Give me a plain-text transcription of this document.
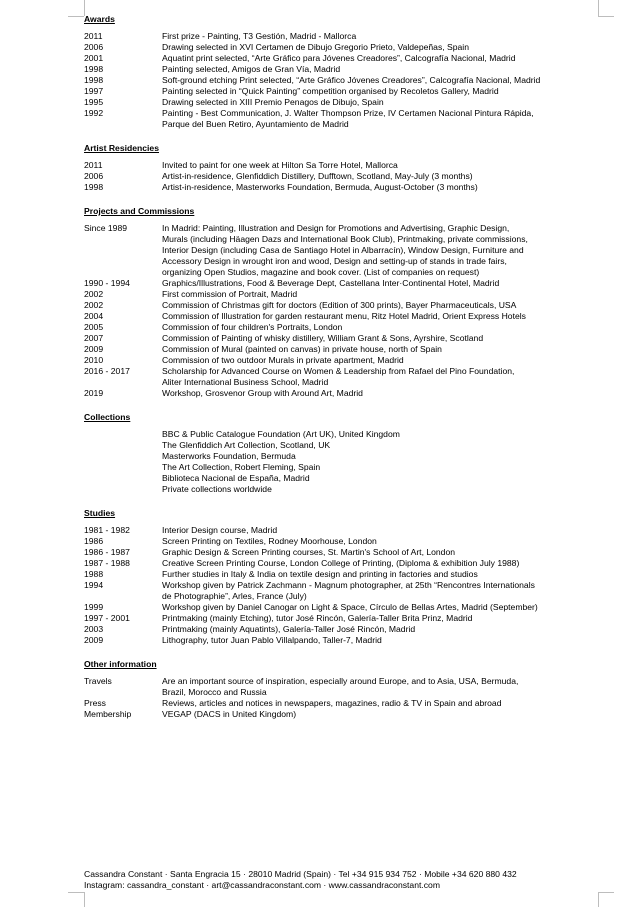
Awards
2011	First prize - Painting, T3 Gestión, Madrid - Mallorca
2006	Drawing selected in XVI Certamen de Dibujo Gregorio Prieto, Valdepeñas, Spain
2001	Aquatint print selected, “Arte Gráfico para Jóvenes Creadores”, Calcografía Nacional, Madrid
1998	Painting selected, Amigos de Gran Vía, Madrid
1998	Soft-ground etching Print selected, “Arte Gráfico Jóvenes Creadores”, Calcografía Nacional, Madrid
1997	Painting selected in “Quick Painting” competition organised by Recoletos Gallery, Madrid
1995	Drawing selected in XIII Premio Penagos de Dibujo, Spain
1992	Painting - Best Communication, J. Walter Thompson Prize, IV Certamen Nacional Pintura Rápida,
Parque del Buen Retiro, Ayuntamiento de Madrid
Artist Residencies
2011	Invited to paint for one week at Hilton Sa Torre Hotel, Mallorca
2006	Artist-in-residence, Glenfiddich Distillery, Dufftown, Scotland, May-July (3 months)
1998	Artist-in-residence, Masterworks Foundation, Bermuda, August-October (3 months)
Projects and Commissions
Since 1989	In Madrid: Painting, Illustration and Design for Promotions and Advertising, Graphic Design,
Murals (including Häagen Dazs and International Book Club), Printmaking, private commissions,
Interior Design (including Casa de Santiago Hotel in Albarracín), Window Design, Furniture and
Accessory Design in wrought iron and wood, Design and setting-up of stands in trade fairs,
organizing Open Studios, magazine and book cover. (List of companies on request)
1990 - 1994	Graphics/Illustrations, Food & Beverage Dept, Castellana Inter·Continental Hotel, Madrid
2002	First commission of Portrait, Madrid
2002	Commission of Christmas gift for doctors (Edition of 300 prints), Bayer Pharmaceuticals, USA
2004	Commission of Illustration for garden restaurant menu, Ritz Hotel Madrid, Orient Express Hotels
2005	Commission of four children's Portraits, London
2007	Commission of Painting of whisky distillery, William Grant & Sons, Ayrshire, Scotland
2009	Commission of Mural (painted on canvas) in private house, north of Spain
2010	Commission of two outdoor Murals in private apartment, Madrid
2016 - 2017	Scholarship for Advanced Course on Women & Leadership from Rafael del Pino Foundation,
Aliter International Business School, Madrid
2019	Workshop, Grosvenor Group with Around Art, Madrid
Collections
BBC & Public Catalogue Foundation (Art UK), United Kingdom
The Glenfiddich Art Collection, Scotland, UK
Masterworks Foundation, Bermuda
The Art Collection, Robert Fleming, Spain
Biblioteca Nacional de España, Madrid
Private collections worldwide
Studies
1981 - 1982	Interior Design course, Madrid
1986	Screen Printing on Textiles, Rodney Moorhouse, London
1986 - 1987	Graphic Design & Screen Printing courses, St. Martin's School of Art, London
1987 - 1988	Creative Screen Printing Course, London College of Printing, (Diploma & exhibition July 1988)
1988	Further studies in Italy & India on textile design and printing in factories and studios
1994	Workshop given by Patrick Zachmann - Magnum photographer, at 25th “Rencontres Internationals
de Photographie”, Arles, France (July)
1999	Workshop given by Daniel Canogar on Light & Space, Círculo de Bellas Artes, Madrid (September)
1997 - 2001	Printmaking (mainly Etching), tutor José Rincón, Galería-Taller Brita Prinz, Madrid
2003	Printmaking (mainly Aquatints), Galería-Taller José Rincón, Madrid
2009	Lithography, tutor Juan Pablo Villalpando, Taller-7, Madrid
Other information
Travels	Are an important source of inspiration, especially around Europe, and to Asia, USA, Bermuda,
Brazil, Morocco and Russia
Press	Reviews, articles and notices in newspapers, magazines, radio & TV in Spain and abroad
Membership	VEGAP (DACS in United Kingdom)
Cassandra Constant · Santa Engracia 15 · 28010 Madrid (Spain) · Tel +34 915 934 752 · Mobile +34 620 880 432
Instagram: cassandra_constant · art@cassandraconstant.com · www.cassandraconstant.com
